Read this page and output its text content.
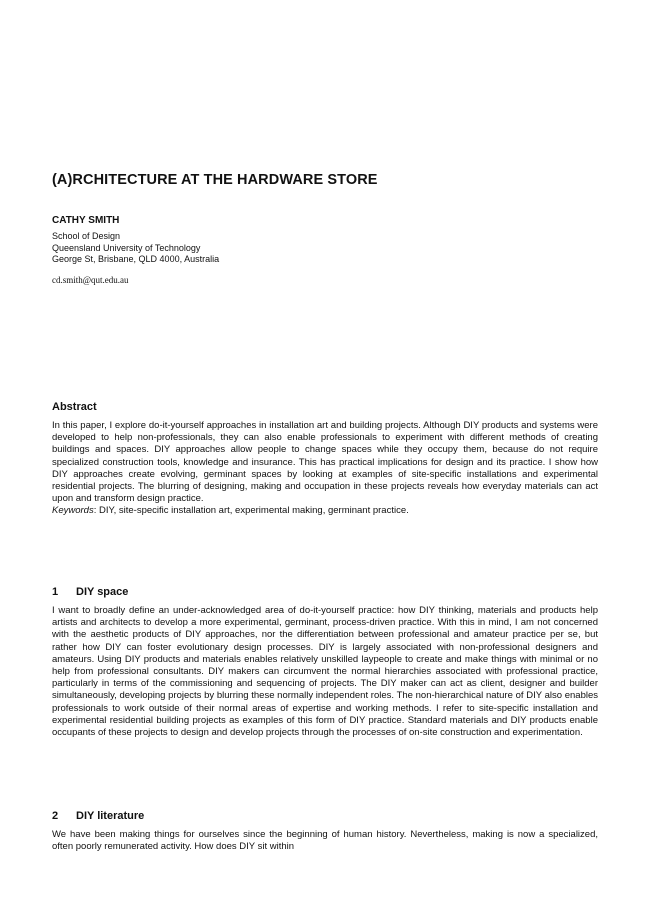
(A)RCHITECTURE AT THE HARDWARE STORE

CATHY SMITH

School of Design

Queensland University of Technology

George St, Brisbane, QLD 4000, Australia

cd.smith@qut.edu.au

Abstract

In this paper, I explore do-it-yourself approaches in installation art and building projects. Although DIY products and systems were developed to help non-professionals, they can also enable professionals to experiment with different methods of creating buildings and spaces. DIY approaches allow people to change spaces while they occupy them, because do not require specialized construction tools, knowledge and insurance. This has practical implications for design and its practice. I show how DIY approaches create evolving, germinant spaces by looking at examples of site-specific installations and experimental residential projects. The blurring of designing, making and occupation in these projects reveals how everyday materials can act upon and transform design practice.

Keywords: DIY, site-specific installation art, experimental making, germinant practice.

1 DIY space

I want to broadly define an under-acknowledged area of do-it-yourself practice: how DIY thinking, materials and products help artists and architects to develop a more experimental, germinant, process-driven practice. With this in mind, I am not concerned with the aesthetic products of DIY approaches, nor the differentiation between professional and amateur practice per se, but rather how DIY can foster evolutionary design processes. DIY is largely associated with non-professional designers and amateurs. Using DIY products and materials enables relatively unskilled laypeople to create and make things with minimal or no help from professional consultants. DIY makers can circumvent the normal hierarchies associated with professional practice, particularly in terms of the commissioning and sequencing of projects. The DIY maker can act as client, designer and builder simultaneously, developing projects by blurring these normally independent roles. The non-hierarchical nature of DIY also enables professionals to work outside of their normal areas of expertise and working methods. I refer to site-specific installation and experimental residential building projects as examples of this form of DIY practice. Standard materials and DIY products enable occupants of these projects to design and develop projects through the processes of on-site construction and experimentation.

2 DIY literature

We have been making things for ourselves since the beginning of human history. Nevertheless, making is now a specialized, often poorly remunerated activity. How does DIY sit within
